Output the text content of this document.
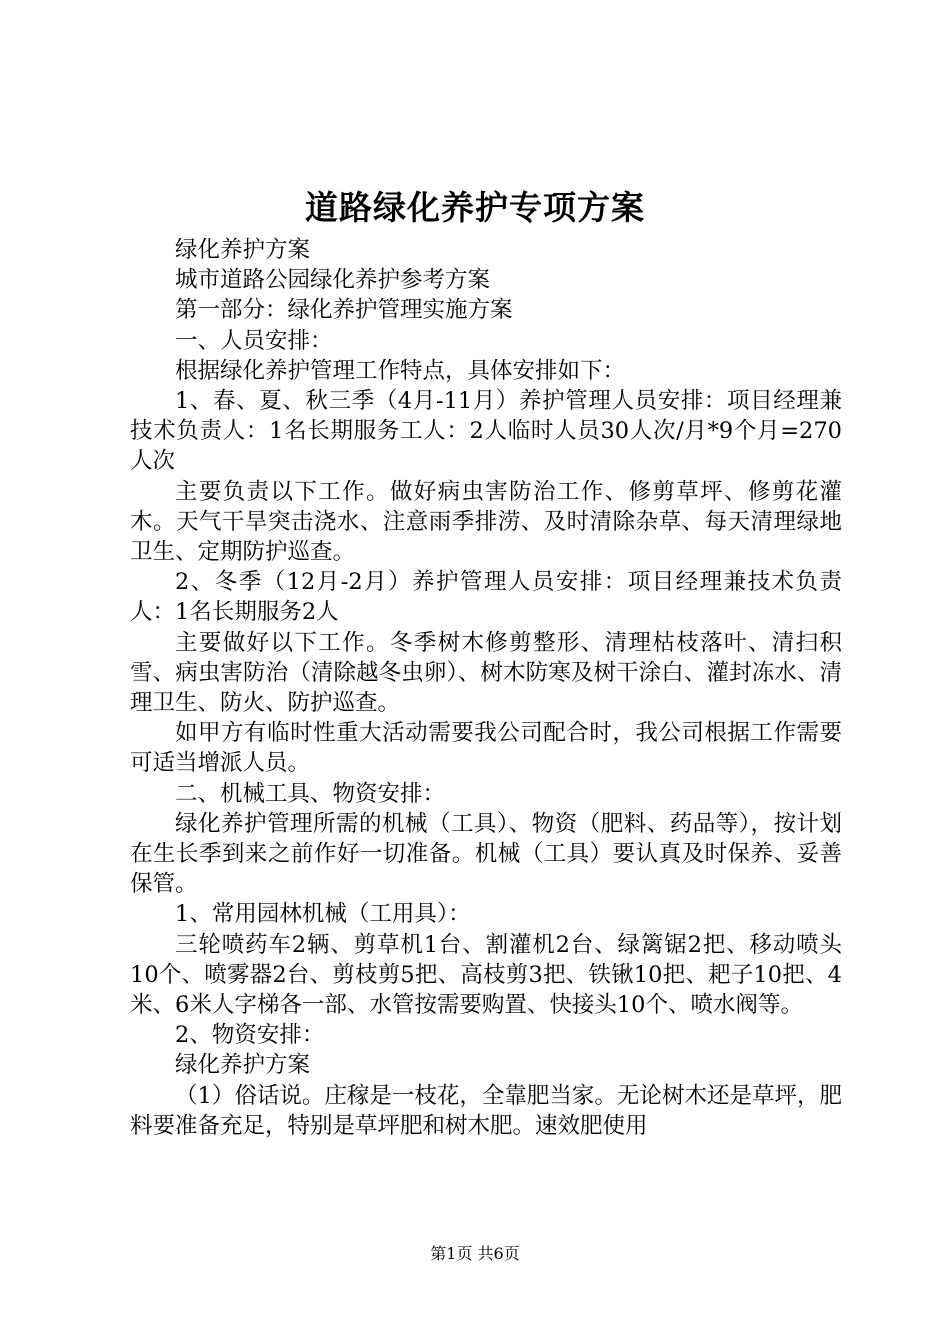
道路绿化养护专项方案

绿化养护方案

城市道路公园绿化养护参考方案

第一部分：绿化养护管理实施方案

一、人员安排：

根据绿化养护管理工作特点，具体安排如下：

1、春、夏、秋三季（4月-11月）养护管理人员安排：项目经理兼技术负责人：1名长期服务工人：2人临时人员30人次/月*9个月=270人次

主要负责以下工作。做好病虫害防治工作、修剪草坪、修剪花灌木。天气干旱突击浇水、注意雨季排涝、及时清除杂草、每天清理绿地卫生、定期防护巡查。

2、冬季（12月-2月）养护管理人员安排：项目经理兼技术负责人：1名长期服务2人

主要做好以下工作。冬季树木修剪整形、清理枯枝落叶、清扫积雪、病虫害防治（清除越冬虫卵）、树木防寒及树干涂白、灌封冻水、清理卫生、防火、防护巡查。

如甲方有临时性重大活动需要我公司配合时，我公司根据工作需要可适当增派人员。

二、机械工具、物资安排：

绿化养护管理所需的机械（工具）、物资（肥料、药品等），按计划在生长季到来之前作好一切准备。机械（工具）要认真及时保养、妥善保管。

1、常用园林机械（工用具）：

三轮喷药车2辆、剪草机1台、割灌机2台、绿篱锯2把、移动喷头10个、喷雾器2台、剪枝剪5把、高枝剪3把、铁锹10把、耙子10把、4米、6米人字梯各一部、水管按需要购置、快接头10个、喷水阀等。

2、物资安排：

绿化养护方案

（1）俗话说。庄稼是一枝花，全靠肥当家。无论树木还是草坪，肥料要准备充足，特别是草坪肥和树木肥。速效肥使用

第1页 共6页
